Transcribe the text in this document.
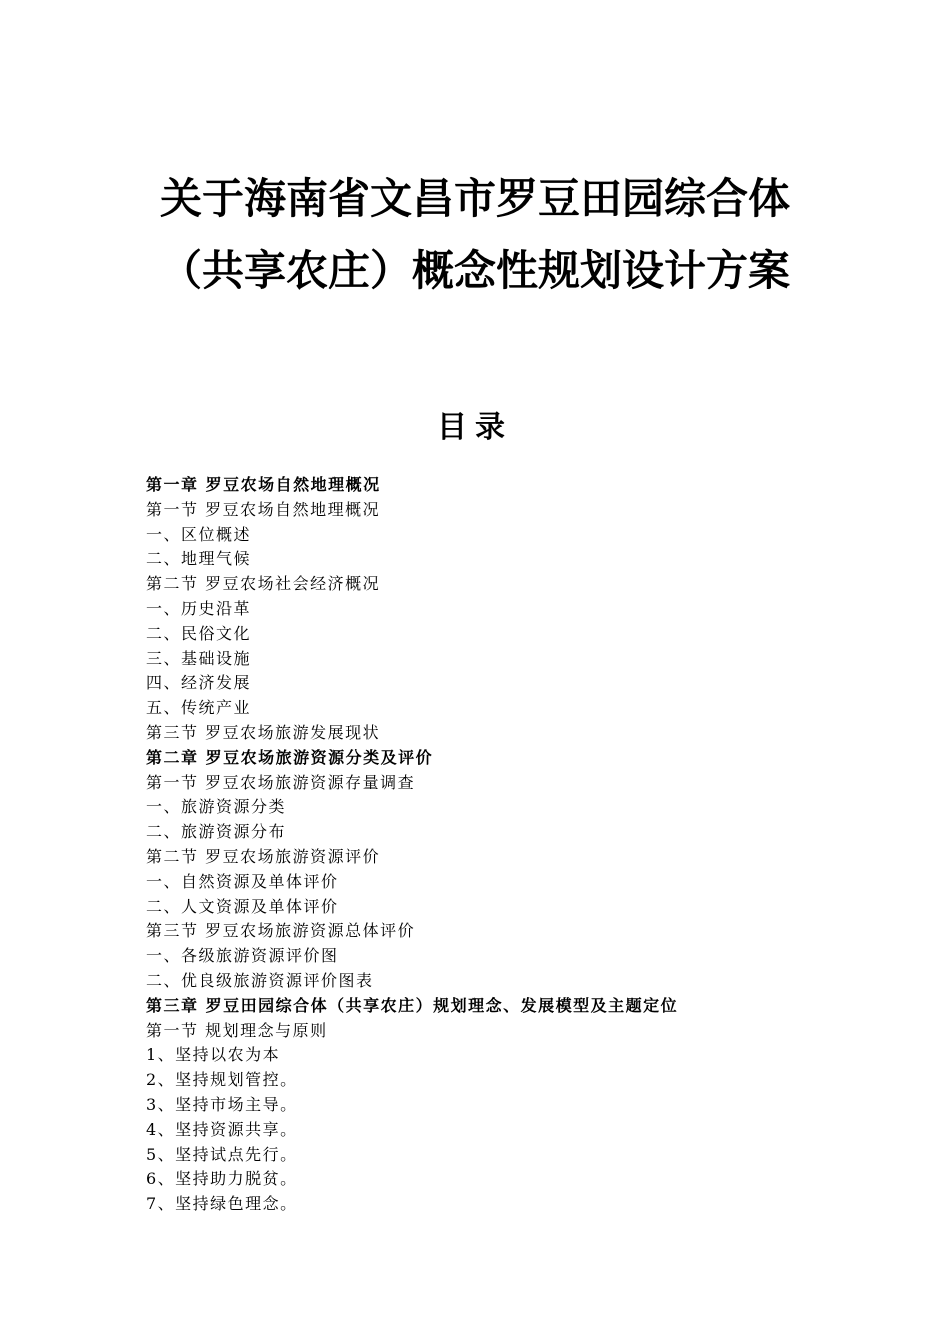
关于海南省文昌市罗豆田园综合体
（共享农庄）概念性规划设计方案
目录
第一章 罗豆农场自然地理概况
第一节 罗豆农场自然地理概况
一、区位概述
二、地理气候
第二节 罗豆农场社会经济概况
一、历史沿革
二、民俗文化
三、基础设施
四、经济发展
五、传统产业
第三节 罗豆农场旅游发展现状
第二章 罗豆农场旅游资源分类及评价
第一节 罗豆农场旅游资源存量调查
一、旅游资源分类
二、旅游资源分布
第二节 罗豆农场旅游资源评价
一、自然资源及单体评价
二、人文资源及单体评价
第三节 罗豆农场旅游资源总体评价
一、各级旅游资源评价图
二、优良级旅游资源评价图表
第三章 罗豆田园综合体（共享农庄）规划理念、发展模型及主题定位
第一节 规划理念与原则
1、坚持以农为本
2、坚持规划管控。
3、坚持市场主导。
4、坚持资源共享。
5、坚持试点先行。
6、坚持助力脱贫。
7、坚持绿色理念。
